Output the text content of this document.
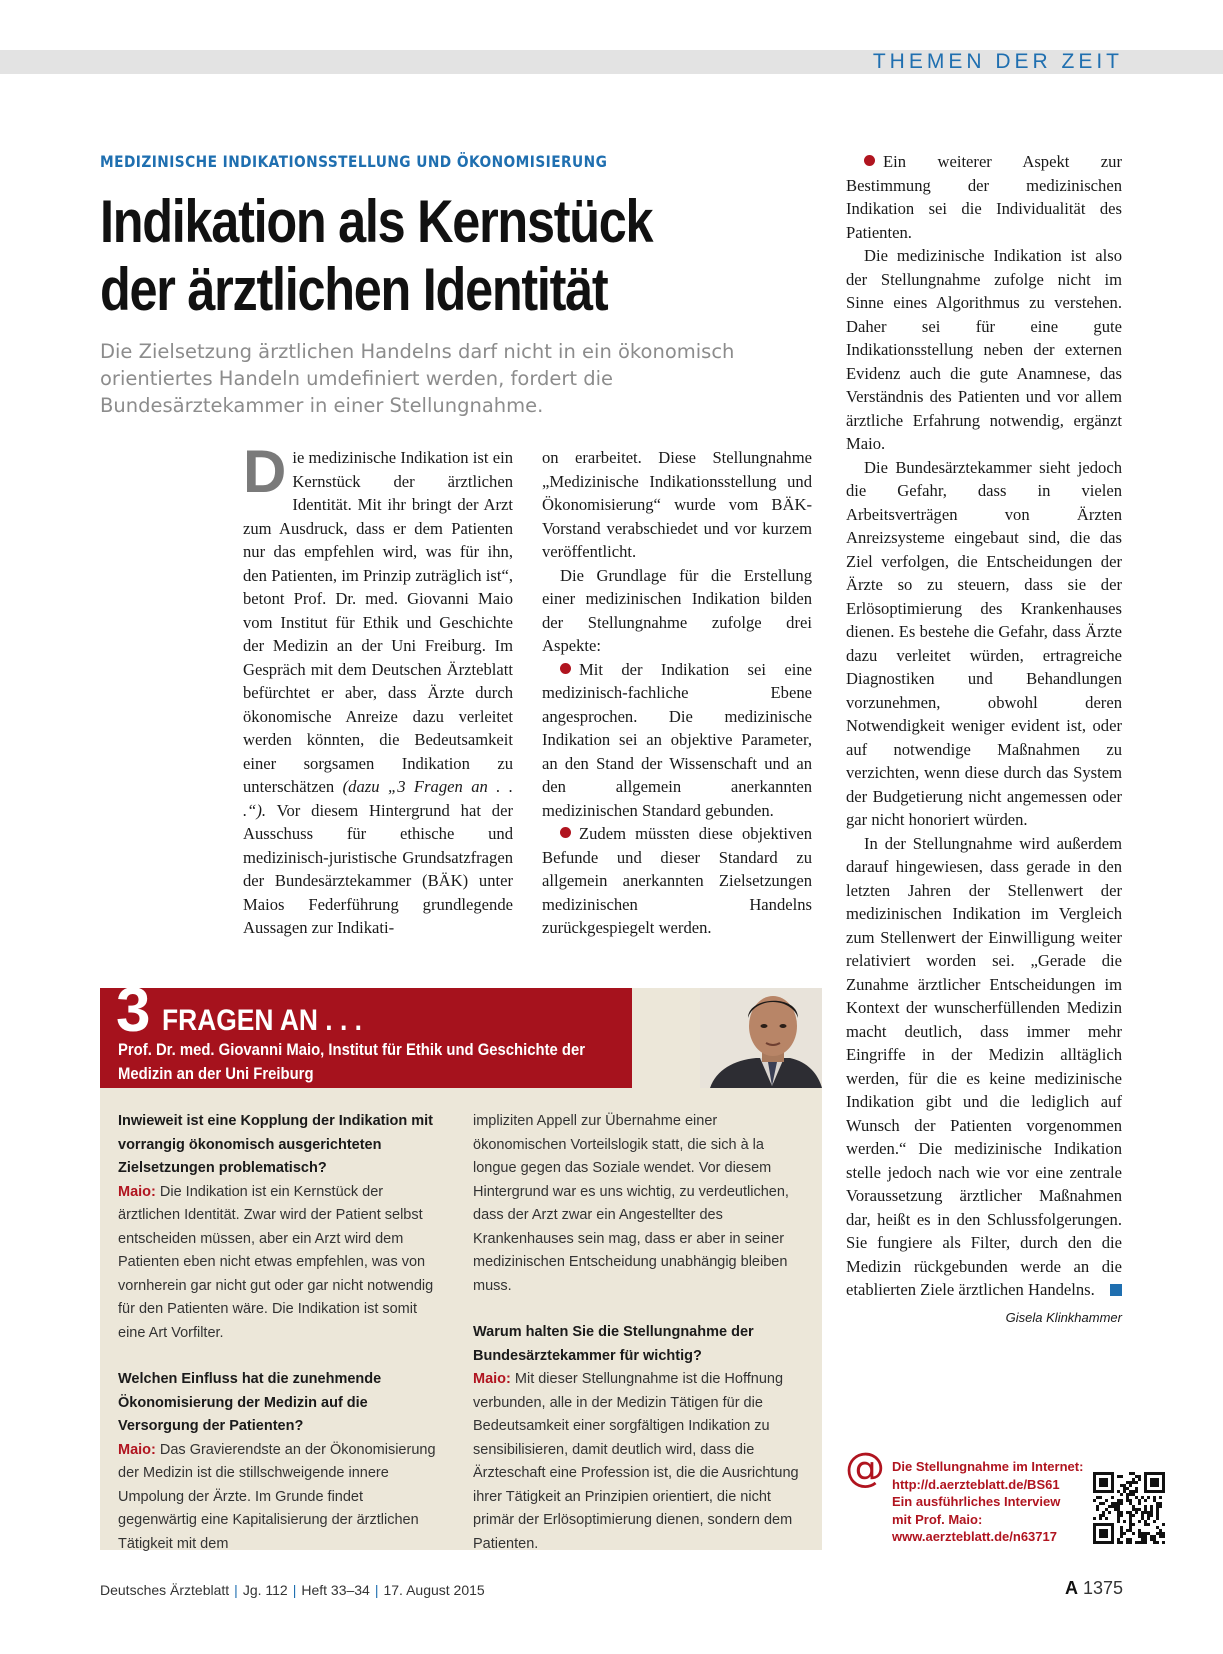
THEMEN DER ZEIT

MEDIZINISCHE INDIKATIONSSTELLUNG UND ÖKONOMISIERUNG

Indikation als Kernstück
der ärztlichen Identität

Die Zielsetzung ärztlichen Handelns darf nicht in ein ökonomisch orientiertes Handeln umdefiniert werden, fordert die Bundesärztekammer in einer Stellungnahme.

Die medizinische Indikation ist ein Kernstück der ärztlichen Identität. Mit ihr bringt der Arzt zum Ausdruck, dass er dem Patienten nur das empfehlen wird, was für ihn, den Patienten, im Prinzip zuträglich ist“, betont Prof. Dr. med. Giovanni Maio vom Institut für Ethik und Geschichte der Medizin an der Uni Freiburg. Im Gespräch mit dem Deutschen Ärzteblatt befürchtet er aber, dass Ärzte durch ökonomische Anreize dazu verleitet werden könnten, die Bedeutsamkeit einer sorgsamen Indikation zu unterschätzen (dazu „3 Fragen an . . .“). Vor diesem Hintergrund hat der Ausschuss für ethische und medizinisch-juristische Grundsatzfragen der Bundesärztekammer (BÄK) unter Maios Federführung grundlegende Aussagen zur Indikati-

on erarbeitet. Diese Stellungnahme „Medizinische Indikationsstellung und Ökonomisierung“ wurde vom BÄK-Vorstand verabschiedet und vor kurzem veröffentlicht.

Die Grundlage für die Erstellung einer medizinischen Indikation bilden der Stellungnahme zufolge drei Aspekte:

Mit der Indikation sei eine medizinisch-fachliche Ebene angesprochen. Die medizinische Indikation sei an objektive Parameter, an den Stand der Wissenschaft und an den allgemein anerkannten medizinischen Standard gebunden.

Zudem müssten diese objektiven Befunde und dieser Standard zu allgemein anerkannten Zielsetzungen medizinischen Handelns zurückgespiegelt werden.

Ein weiterer Aspekt zur Bestimmung der medizinischen Indikation sei die Individualität des Patienten.

Die medizinische Indikation ist also der Stellungnahme zufolge nicht im Sinne eines Algorithmus zu verstehen. Daher sei für eine gute Indikationsstellung neben der externen Evidenz auch die gute Anamnese, das Verständnis des Patienten und vor allem ärztliche Erfahrung notwendig, ergänzt Maio.

Die Bundesärztekammer sieht jedoch die Gefahr, dass in vielen Arbeitsverträgen von Ärzten Anreizsysteme eingebaut sind, die das Ziel verfolgen, die Entscheidungen der Ärzte so zu steuern, dass sie der Erlösoptimierung des Krankenhauses dienen. Es bestehe die Gefahr, dass Ärzte dazu verleitet würden, ertragreiche Diagnostiken und Behandlungen vorzunehmen, obwohl deren Notwendigkeit weniger evident ist, oder auf notwendige Maßnahmen zu verzichten, wenn diese durch das System der Budgetierung nicht angemessen oder gar nicht honoriert würden.

In der Stellungnahme wird außerdem darauf hingewiesen, dass gerade in den letzten Jahren der Stellenwert der medizinischen Indikation im Vergleich zum Stellenwert der Einwilligung weiter relativiert worden sei. „Gerade die Zunahme ärztlicher Entscheidungen im Kontext der wunscherfüllenden Medizin macht deutlich, dass immer mehr Eingriffe in der Medizin alltäglich werden, für die es keine medizinische Indikation gibt und die lediglich auf Wunsch der Patienten vorgenommen werden.“ Die medizinische Indikation stelle jedoch nach wie vor eine zentrale Voraussetzung ärztlicher Maßnahmen dar, heißt es in den Schlussfolgerungen. Sie fungiere als Filter, durch den die Medizin rückgebunden werde an die etablierten Ziele ärztlichen Handelns.

Gisela Klinkhammer

3 FRAGEN AN . . .

Prof. Dr. med. Giovanni Maio, Institut für Ethik und Geschichte der Medizin an der Uni Freiburg

Inwieweit ist eine Kopplung der Indikation mit vorrangig ökonomisch ausgerichteten Zielsetzungen problematisch?

Maio: Die Indikation ist ein Kernstück der ärztlichen Identität. Zwar wird der Patient selbst entscheiden müssen, aber ein Arzt wird dem Patienten eben nicht etwas empfehlen, was von vornherein gar nicht gut oder gar nicht notwendig für den Patienten wäre. Die Indikation ist somit eine Art Vorfilter.

Welchen Einfluss hat die zunehmende Ökonomisierung der Medizin auf die Versorgung der Patienten?

Maio: Das Gravierendste an der Ökonomisierung der Medizin ist die stillschweigende innere Umpolung der Ärzte. Im Grunde findet gegenwärtig eine Kapitalisierung der ärztlichen Tätigkeit mit dem

impliziten Appell zur Übernahme einer ökonomischen Vorteilslogik statt, die sich à la longue gegen das Soziale wendet. Vor diesem Hintergrund war es uns wichtig, zu verdeutlichen, dass der Arzt zwar ein Angestellter des Krankenhauses sein mag, dass er aber in seiner medizinischen Entscheidung unabhängig bleiben muss.

Warum halten Sie die Stellungnahme der Bundesärztekammer für wichtig?

Maio: Mit dieser Stellungnahme ist die Hoffnung verbunden, alle in der Medizin Tätigen für die Bedeutsamkeit einer sorgfältigen Indikation zu sensibilisieren, damit deutlich wird, dass die Ärzteschaft eine Profession ist, die die Ausrichtung ihrer Tätigkeit an Prinzipien orientiert, die nicht primär der Erlösoptimierung dienen, sondern dem Patienten.

@ Die Stellungnahme im Internet:
http://d.aerzteblatt.de/BS61
Ein ausführliches Interview
mit Prof. Maio:
www.aerzteblatt.de/n63717

Deutsches Ärzteblatt | Jg. 112 | Heft 33–34 | 17. August 2015	A 1375
